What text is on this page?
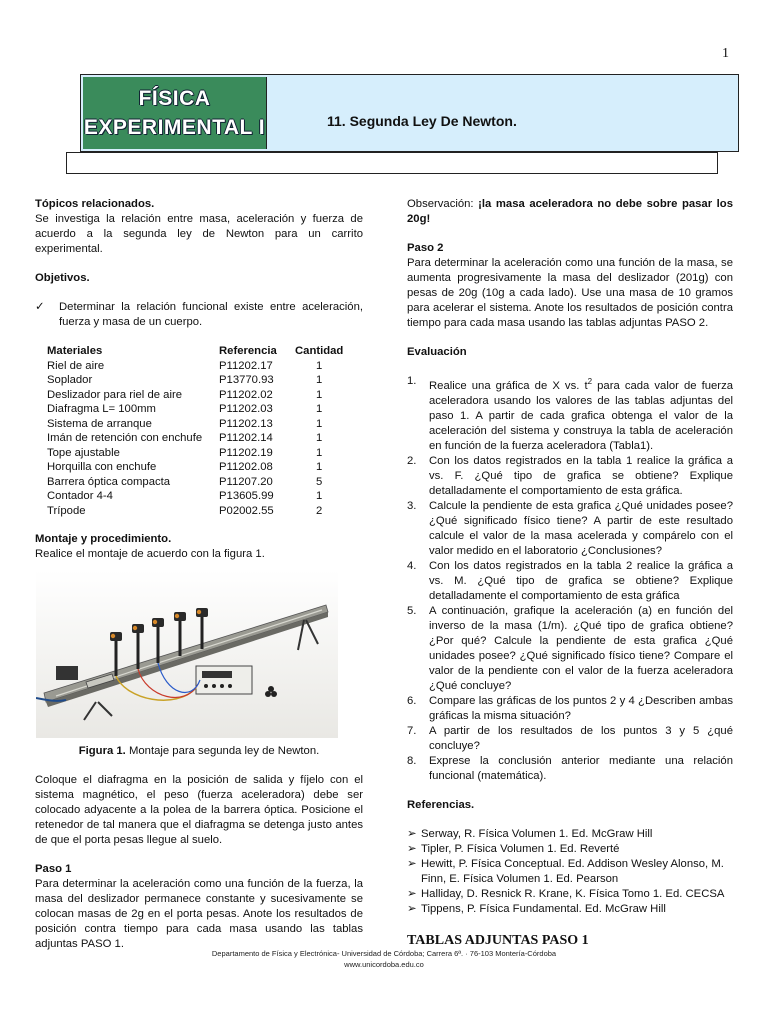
1
FÍSICA
EXPERIMENTAL I	11. Segunda Ley De Newton.
Tópicos relacionados.

Se investiga la relación entre masa, aceleración y fuerza de acuerdo a la segunda ley de Newton para un carrito experimental.

Objetivos.
✓	Determinar la relación funcional existe entre aceleración, fuerza y masa de un cuerpo.

Materiales	Referencia	Cantidad
Riel de aire	P11202.17	1
Soplador	P13770.93	1
Deslizador para riel de aire	P11202.02	1
Diafragma L= 100mm	P11202.03	1
Sistema de arranque	P11202.13	1
Imán de retención con enchufe	P11202.14	1
Tope ajustable	P11202.19	1
Horquilla con enchufe	P11202.08	1
Barrera óptica compacta	P11207.20	5
Contador 4-4	P13605.99	1
Trípode	P02002.55	2
Montaje y procedimiento.

Realice el montaje de acuerdo con la figura 1.

Figura 1. Montaje para segunda ley de Newton.

Coloque el diafragma en la posición de salida y fíjelo con el sistema magnético, el peso (fuerza aceleradora) debe ser colocado adyacente a la polea de la barrera óptica. Posicione el retenedor de tal manera que el diafragma se detenga justo antes de que el porta pesas llegue al suelo.

Paso 1

Para determinar la aceleración como una función de la fuerza, la masa del deslizador permanece constante y sucesivamente se colocan masas de 2g en el porta pesas. Anote los resultados de posición contra tiempo para cada masa usando las tablas adjuntas PASO 1.

Observación: ¡la masa aceleradora no debe sobre pasar los 20g!

Paso 2

Para determinar la aceleración como una función de la masa, se aumenta progresivamente la masa del deslizador (201g) con pesas de 20g (10g a cada lado). Use una masa de 10 gramos para acelerar el sistema. Anote los resultados de posición contra tiempo para cada masa usando las tablas adjuntas PASO 2.

Evaluación
1.	Realice una gráfica de X vs. $t^2$ para cada valor de fuerza aceleradora usando los valores de las tablas adjuntas del paso 1. A partir de cada grafica obtenga el valor de la aceleración del sistema y construya la tabla de aceleración en función de la fuerza aceleradora (Tabla1).
2.	Con los datos registrados en la tabla 1 realice la gráfica a vs. F. ¿Qué tipo de grafica se obtiene? Explique detalladamente el comportamiento de esta gráfica.
3.	Calcule la pendiente de esta grafica ¿Qué unidades posee? ¿Qué significado físico tiene? A partir de este resultado calcule el valor de la masa acelerada y compárelo con el valor medido en el laboratorio ¿Conclusiones?
4.	Con los datos registrados en la tabla 2 realice la gráfica a vs. M. ¿Qué tipo de grafica se obtiene? Explique detalladamente el comportamiento de esta gráfica
5.	A continuación, grafique la aceleración (a) en función del inverso de la masa (1/m). ¿Qué tipo de grafica obtiene? ¿Por qué? Calcule la pendiente de esta grafica ¿Qué unidades posee? ¿Qué significado físico tiene? Compare el valor de la pendiente con el valor de la fuerza aceleradora ¿Qué concluye?
6.	Compare las gráficas de los puntos 2 y 4 ¿Describen ambas gráficas la misma situación?
7.	A partir de los resultados de los puntos 3 y 5 ¿qué concluye?
8.	Exprese la conclusión anterior mediante una relación funcional (matemática).
Referencias.
➢ Serway, R. Física Volumen 1. Ed. McGraw Hill
➢ Tipler, P. Física Volumen 1. Ed. Reverté
➢ Hewitt, P. Física Conceptual. Ed. Addison Wesley Alonso, M. Finn, E. Física Volumen 1. Ed. Pearson
➢ Halliday, D. Resnick R. Krane, K. Física Tomo 1. Ed. CECSA
➢ Tippens, P. Física Fundamental. Ed. McGraw Hill
TABLAS ADJUNTAS PASO 1
Departamento de Física y Electrónica- Universidad de Córdoba; Carrera 6ª. · 76-103 Montería-Córdoba
www.unicordoba.edu.co
